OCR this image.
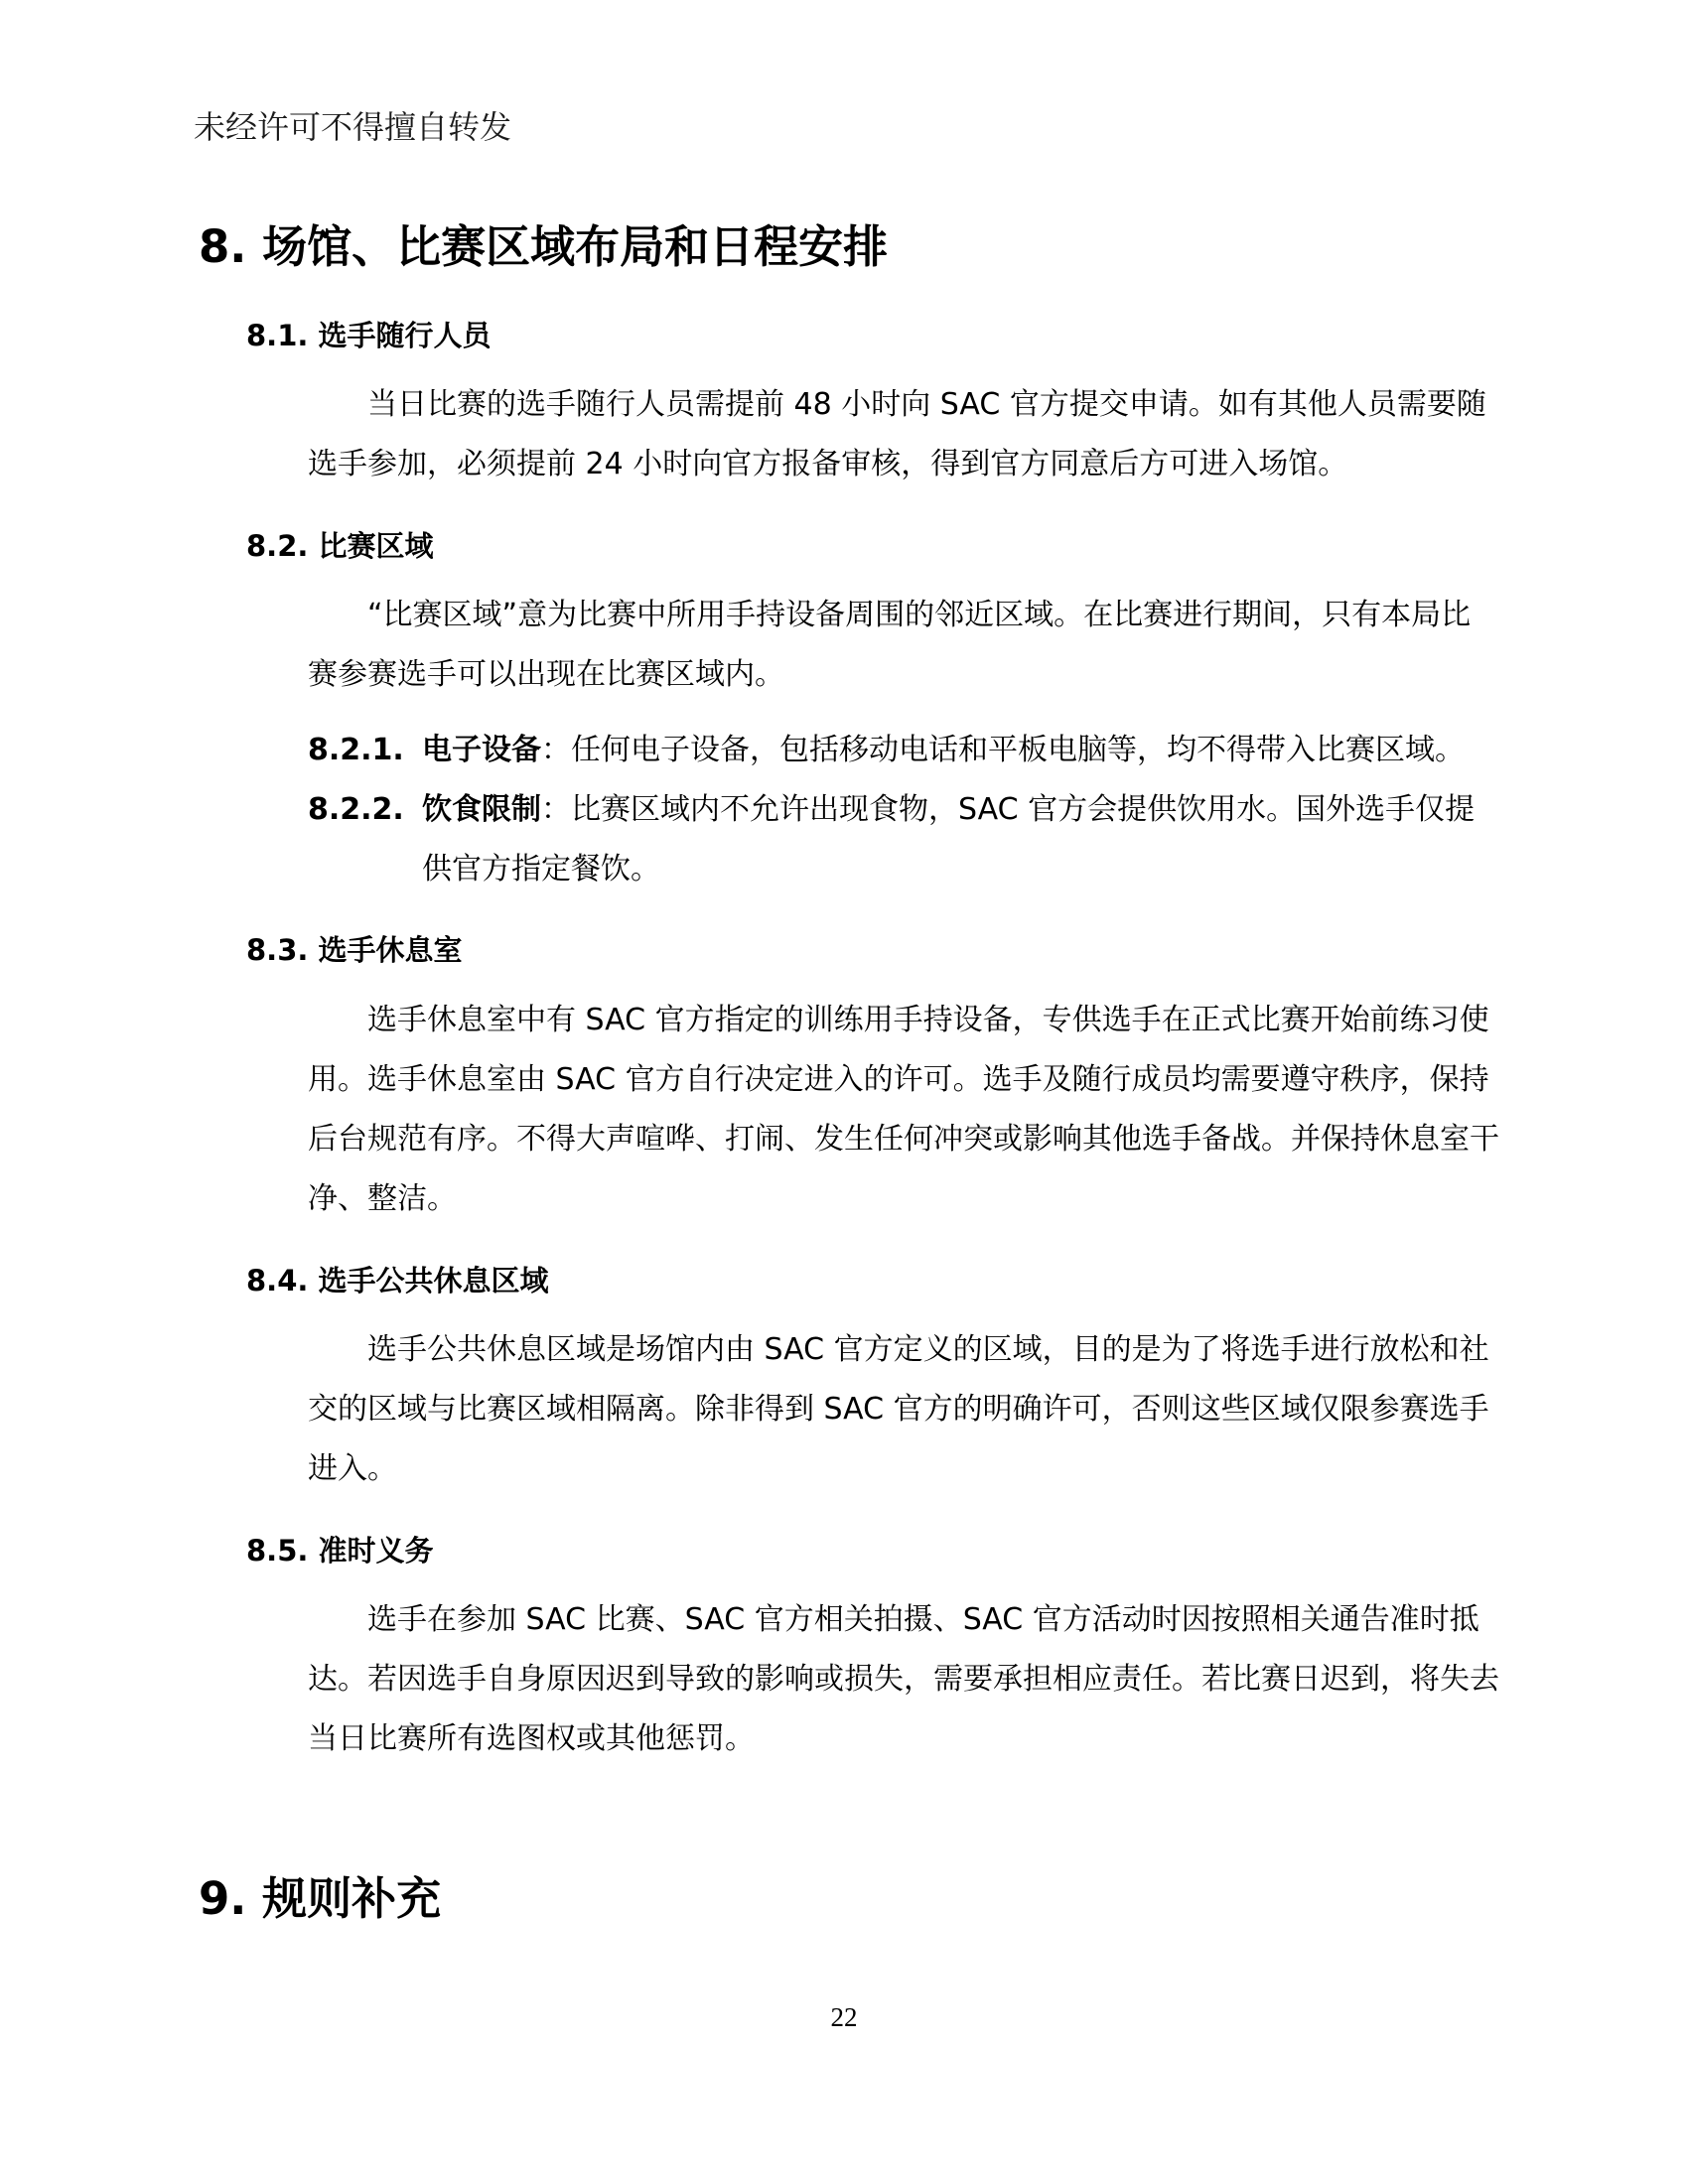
未经许可不得擅自转发
8. 场馆、比赛区域布局和日程安排
8.1. 选手随行人员

当日比赛的选手随行人员需提前 48 小时向 SAC 官方提交申请。如有其他人员需要随选手参加，必须提前 24 小时向官方报备审核，得到官方同意后方可进入场馆。

8.2. 比赛区域

“比赛区域”意为比赛中所用手持设备周围的邻近区域。在比赛进行期间，只有本局比赛参赛选手可以出现在比赛区域内。

8.2.1. 电子设备：任何电子设备，包括移动电话和平板电脑等，均不得带入比赛区域。
8.2.2. 饮食限制：比赛区域内不允许出现食物，SAC 官方会提供饮用水。国外选手仅提供官方指定餐饮。
8.3. 选手休息室

选手休息室中有 SAC 官方指定的训练用手持设备，专供选手在正式比赛开始前练习使用。选手休息室由 SAC 官方自行决定进入的许可。选手及随行成员均需要遵守秩序，保持后台规范有序。不得大声喧哗、打闹、发生任何冲突或影响其他选手备战。并保持休息室干净、整洁。

8.4. 选手公共休息区域

选手公共休息区域是场馆内由 SAC 官方定义的区域，目的是为了将选手进行放松和社交的区域与比赛区域相隔离。除非得到 SAC 官方的明确许可，否则这些区域仅限参赛选手进入。

8.5. 准时义务

选手在参加 SAC 比赛、SAC 官方相关拍摄、SAC 官方活动时因按照相关通告准时抵达。若因选手自身原因迟到导致的影响或损失，需要承担相应责任。若比赛日迟到，将失去当日比赛所有选图权或其他惩罚。

9. 规则补充
22
